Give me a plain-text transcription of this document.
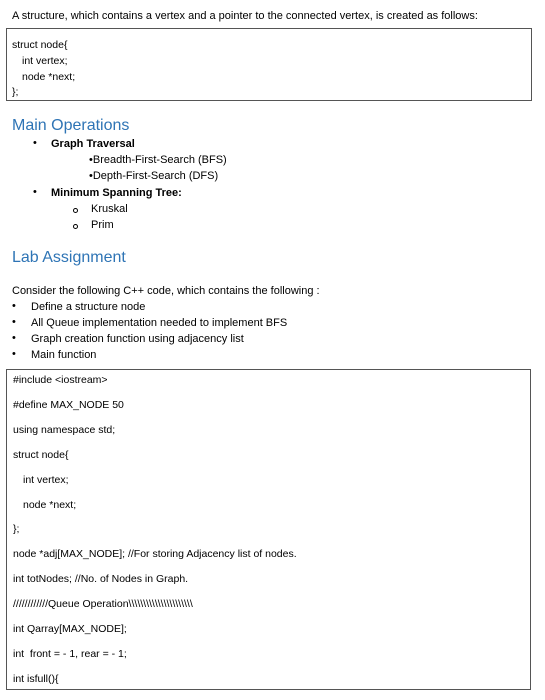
A structure, which contains a vertex and a pointer to the connected vertex, is created as follows:
struct node{
int vertex;
node *next;
};
Main Operations
• Graph Traversal
•Breadth-First-Search (BFS)
•Depth-First-Search (DFS)
• Minimum Spanning Tree:
Kruskal
Prim
Lab Assignment
Consider the following C++ code, which contains the following :
• Define a structure node
• All Queue implementation needed to implement BFS
• Graph creation function using adjacency list
• Main function
#include <iostream>
#define MAX_NODE 50
using namespace std;
struct node{
int vertex;
node *next;
};
node *adj[MAX_NODE]; //For storing Adjacency list of nodes.
int totNodes; //No. of Nodes in Graph.
////////////Queue Operation\\\\\\\\\\\\\\\\\\\\\\
int Qarray[MAX_NODE];
int  front = - 1, rear = - 1;
int isfull(){
